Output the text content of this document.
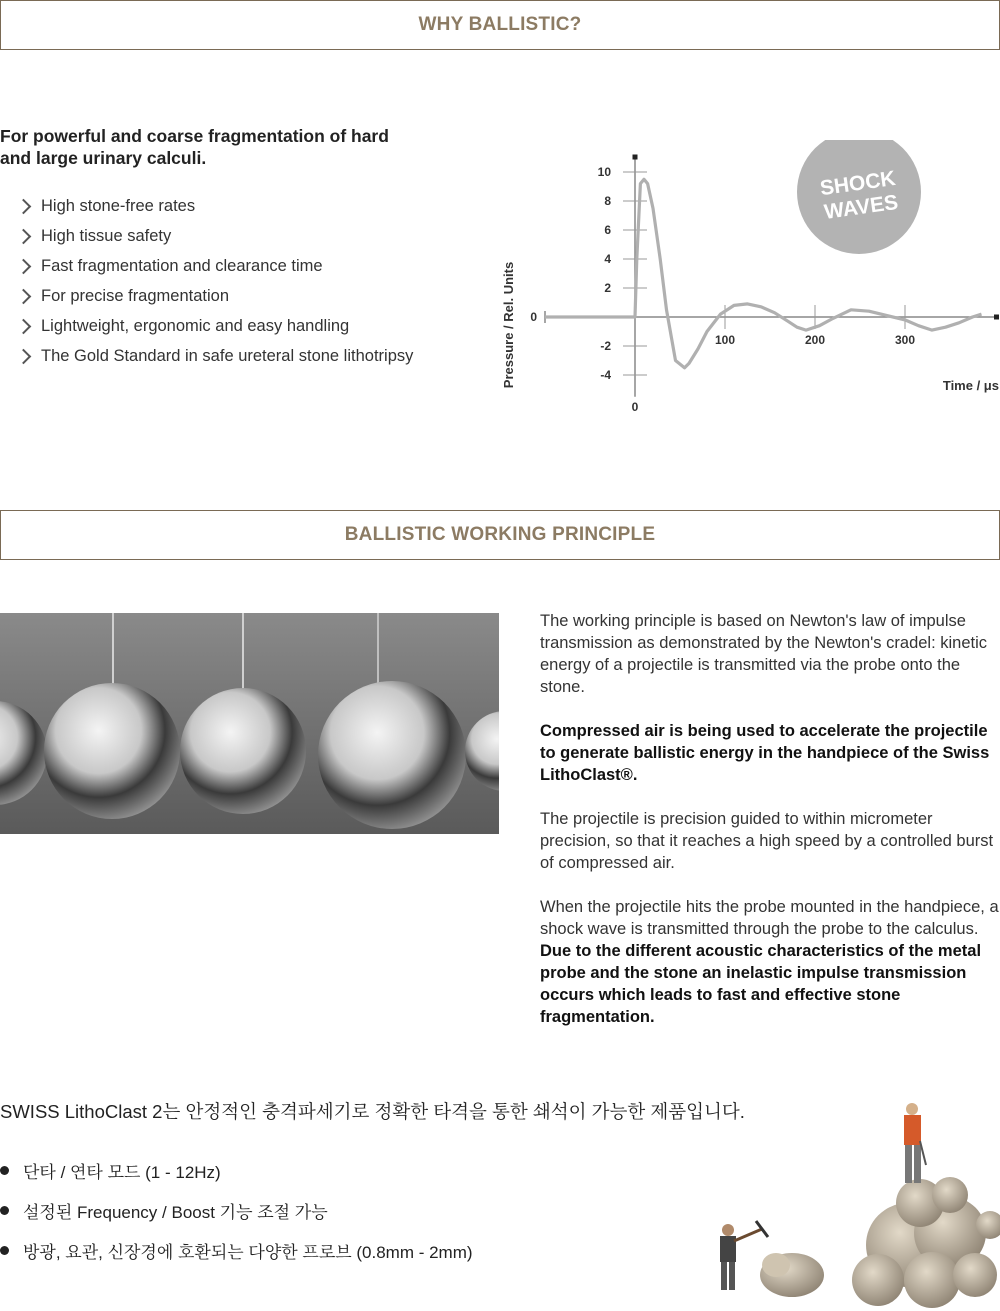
WHY BALLISTIC?
For powerful and coarse fragmentation of hard and large urinary calculi.
High stone-free rates
High tissue safety
Fast fragmentation and clearance time
For precise fragmentation
Lightweight, ergonomic and easy handling
The Gold Standard in safe ureteral stone lithotripsy
-4
-2
0
2
4
6
8
10
0
100	200	300
Pressure / Rel. Units	Time / μs
SHOCK
WAVES
BALLISTIC WORKING PRINCIPLE

The working principle is based on Newton's law of impulse transmission as demonstrated by the Newton's cradel: kinetic energy of a projectile is transmitted via the probe onto the stone.

Compressed air is being used to accelerate the projectile to generate ballistic energy in the handpiece of the Swiss LithoClast®.

The projectile is precision guided to within micrometer precision, so that it reaches a high speed by a controlled burst of compressed air.

When the projectile hits the probe mounted in the handpiece, a shock wave is transmitted through the probe to the calculus. Due to the different acoustic characteristics of the metal probe and the stone an inelastic impulse transmission occurs which leads to fast and effective stone fragmentation.

SWISS LithoClast 2는 안정적인 충격파세기로 정확한 타격을 통한 쇄석이 가능한 제품입니다.
단타 / 연타 모드 (1 - 12Hz)
설정된 Frequency / Boost 기능 조절 가능
방광, 요관, 신장경에 호환되는 다양한 프로브 (0.8mm - 2mm)
